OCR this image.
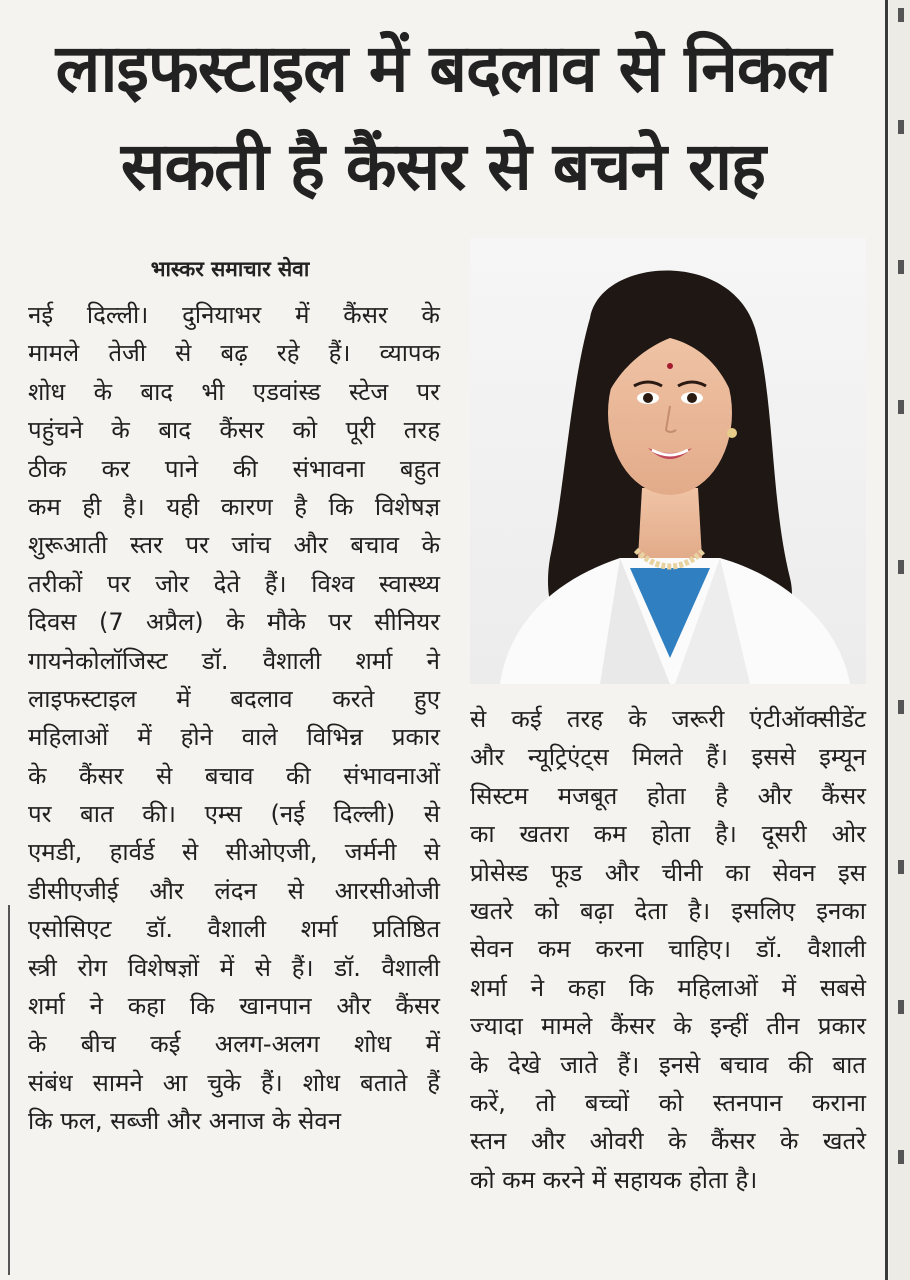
लाइफस्टाइल में बदलाव से निकल
सकती है कैंसर से बचने राह
भास्कर समाचार सेवा
नई दिल्ली। दुनियाभर में कैंसर के
मामले तेजी से बढ़ रहे हैं। व्यापक
शोध के बाद भी एडवांस्ड स्टेज पर
पहुंचने के बाद कैंसर को पूरी तरह
ठीक कर पाने की संभावना बहुत
कम ही है। यही कारण है कि विशेषज्ञ
शुरूआती स्तर पर जांच और बचाव के
तरीकों पर जोर देते हैं। विश्व स्वास्थ्य
दिवस (7 अप्रैल) के मौके पर सीनियर
गायनेकोलॉजिस्ट डॉ. वैशाली शर्मा ने
लाइफस्टाइल में बदलाव करते हुए
महिलाओं में होने वाले विभिन्न प्रकार
के कैंसर से बचाव की संभावनाओं
पर बात की। एम्स (नई दिल्ली) से
एमडी, हार्वर्ड से सीओएजी, जर्मनी से
डीसीएजीई और लंदन से आरसीओजी
एसोसिएट डॉ. वैशाली शर्मा प्रतिष्ठित
स्त्री रोग विशेषज्ञों में से हैं। डॉ. वैशाली
शर्मा ने कहा कि खानपान और कैंसर
के बीच कई अलग-अलग शोध में
संबंध सामने आ चुके हैं। शोध बताते हैं
कि फल, सब्जी और अनाज के सेवन
से कई तरह के जरूरी एंटीऑक्सीडेंट
और न्यूट्रिएंट्स मिलते हैं। इससे इम्यून
सिस्टम मजबूत होता है और कैंसर
का खतरा कम होता है। दूसरी ओर
प्रोसेस्ड फूड और चीनी का सेवन इस
खतरे को बढ़ा देता है। इसलिए इनका
सेवन कम करना चाहिए। डॉ. वैशाली
शर्मा ने कहा कि महिलाओं में सबसे
ज्यादा मामले कैंसर के इन्हीं तीन प्रकार
के देखे जाते हैं। इनसे बचाव की बात
करें, तो बच्चों को स्तनपान कराना
स्तन और ओवरी के कैंसर के खतरे
को कम करने में सहायक होता है।
